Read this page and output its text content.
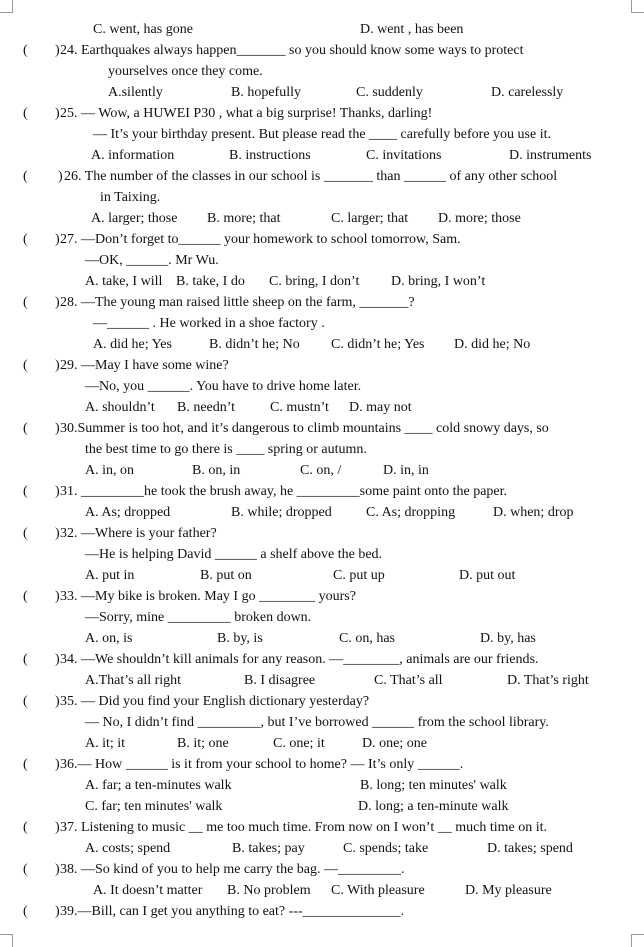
C. went, has gone	D. went , has been
( ) 24. Earthquakes always happen_______ so you should know some ways to protect
yourselves once they come.
A.silently	B. hopefully	C. suddenly	D. carelessly
( ) 25. — Wow, a HUWEI P30 , what a big surprise! Thanks, darling!
— It’s your birthday present. But please read the ____ carefully before you use it.
A. information	B. instructions	C. invitations	D. instruments
( ) 26. The number of the classes in our school is _______ than ______ of any other school
in Taixing.
A. larger; those B. more; that	C. larger; that D. more; those
( ) 27. —Don’t forget to______ your homework to school tomorrow, Sam.
—OK, ______. Mr Wu.
A. take, I will B. take, I do C. bring, I don’t D. bring, I won’t
( ) 28. —The young man raised little sheep on the farm, _______?
—______ . He worked in a shoe factory .
A. did he; Yes	B. didn’t he; No C. didn’t he; Yes D. did he; No
( ) 29. —May I have some wine?
—No, you ______. You have to drive home later.
A. shouldn’t B. needn’t C. mustn’t D. may not
( ) 30.Summer is too hot, and it’s dangerous to climb mountains ____ cold snowy days, so
the best time to go there is ____ spring or autumn.
A. in, on	B. on, in	C. on, /	D. in, in
( ) 31. _________he took the brush away, he _________some paint onto the paper.
A. As; dropped	B. while; dropped C. As; dropping	D. when; drop
( ) 32. —Where is your father?
—He is helping David ______ a shelf above the bed.
A. put in	B. put on	C. put up	D. put out
( ) 33. —My bike is broken. May I go ________ yours?
—Sorry, mine _________ broken down.
A. on, is	B. by, is	C. on, has	D. by, has
( ) 34. —We shouldn’t kill animals for any reason. —________, animals are our friends.
A.That’s all right	B. I disagree	C. That’s all	D. That’s right
( ) 35. — Did you find your English dictionary yesterday?
— No, I didn’t find _________, but I’ve borrowed ______ from the school library.
A. it; it	B. it; one	C. one; it	D. one; one
( ) 36.— How ______ is it from your school to home? — It’s only ______.
A. far; a ten-minutes walk	B. long; ten minutes' walk
C. far; ten minutes' walk	D. long; a ten-minute walk
( ) 37. Listening to music __ me too much time. From now on I won’t __ much time on it.
A. costs; spend	B. takes; pay	C. spends; take	D. takes; spend
( ) 38. —So kind of you to help me carry the bag. —_________.
A. It doesn’t matter B. No problem C. With pleasure	D. My pleasure
( ) 39.—Bill, can I get you anything to eat? ---______________.
